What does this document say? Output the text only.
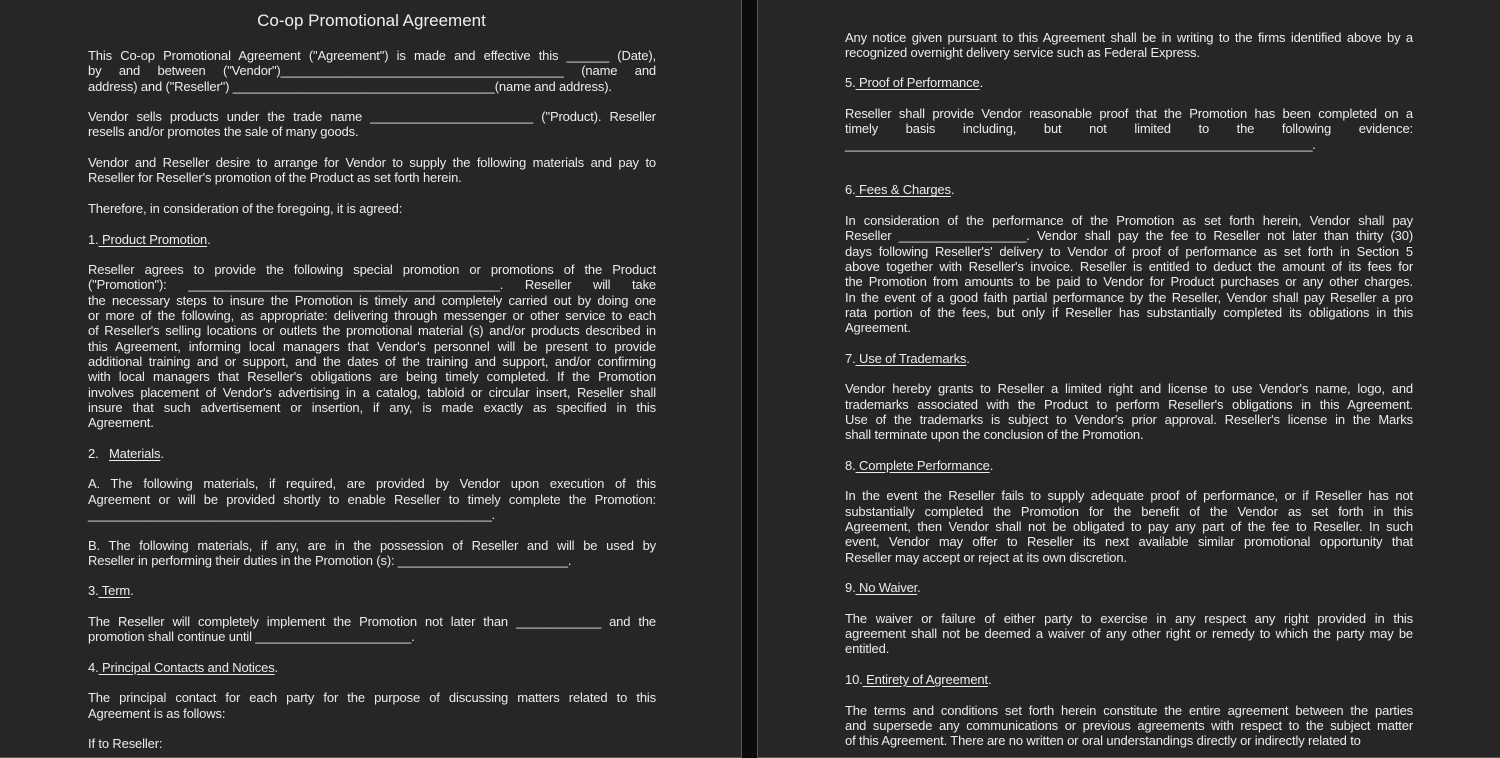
Co-op Promotional Agreement
This Co-op Promotional Agreement ("Agreement") is made and effective this ______ (Date),
by and between ("Vendor")________________________________________ (name and
address) and ("Reseller") _____________________________________(name and address).
Vendor sells products under the trade name _______________________ ("Product). Reseller
resells and/or promotes the sale of many goods.
Vendor and Reseller desire to arrange for Vendor to supply the following materials and pay to
Reseller for Reseller's promotion of the Product as set forth herein.
Therefore, in consideration of the foregoing, it is agreed:
1. Product Promotion.
Reseller agrees to provide the following special promotion or promotions of the Product
("Promotion"): ____________________________________________. Reseller will take
the necessary steps to insure the Promotion is timely and completely carried out by doing one
or more of the following, as appropriate: delivering through messenger or other service to each
of Reseller's selling locations or outlets the promotional material (s) and/or products described in
this Agreement, informing local managers that Vendor's personnel will be present to provide
additional training and or support, and the dates of the training and support, and/or confirming
with local managers that Reseller's obligations are being timely completed. If the Promotion
involves placement of Vendor's advertising in a catalog, tabloid or circular insert, Reseller shall
insure that such advertisement or insertion, if any, is made exactly as specified in this
Agreement.
2.   Materials.
A. The following materials, if required, are provided by Vendor upon execution of this
Agreement or will be provided shortly to enable Reseller to timely complete the Promotion:
_________________________________________________________.
B. The following materials, if any, are in the possession of Reseller and will be used by
Reseller in performing their duties in the Promotion (s): ________________________.
3. Term.
The Reseller will completely implement the Promotion not later than ____________ and the
promotion shall continue until ______________________.
4. Principal Contacts and Notices.
The principal contact for each party for the purpose of discussing matters related to this
Agreement is as follows:
If to Reseller:
Any notice given pursuant to this Agreement shall be in writing to the firms identified above by a
recognized overnight delivery service such as Federal Express.
5. Proof of Performance.
Reseller shall provide Vendor reasonable proof that the Promotion has been completed on a
timely basis including, but not limited to the following evidence:
__________________________________________________________________.
6. Fees & Charges.
In consideration of the performance of the Promotion as set forth herein, Vendor shall pay
Reseller __________________. Vendor shall pay the fee to Reseller not later than thirty (30)
days following Reseller's' delivery to Vendor of proof of performance as set forth in Section 5
above together with Reseller's invoice. Reseller is entitled to deduct the amount of its fees for
the Promotion from amounts to be paid to Vendor for Product purchases or any other charges.
In the event of a good faith partial performance by the Reseller, Vendor shall pay Reseller a pro
rata portion of the fees, but only if Reseller has substantially completed its obligations in this
Agreement.
7. Use of Trademarks.
Vendor hereby grants to Reseller a limited right and license to use Vendor's name, logo, and
trademarks associated with the Product to perform Reseller's obligations in this Agreement.
Use of the trademarks is subject to Vendor's prior approval. Reseller's license in the Marks
shall terminate upon the conclusion of the Promotion.
8. Complete Performance.
In the event the Reseller fails to supply adequate proof of performance, or if Reseller has not
substantially completed the Promotion for the benefit of the Vendor as set forth in this
Agreement, then Vendor shall not be obligated to pay any part of the fee to Reseller. In such
event, Vendor may offer to Reseller its next available similar promotional opportunity that
Reseller may accept or reject at its own discretion.
9. No Waiver.
The waiver or failure of either party to exercise in any respect any right provided in this
agreement shall not be deemed a waiver of any other right or remedy to which the party may be
entitled.
10. Entirety of Agreement.
The terms and conditions set forth herein constitute the entire agreement between the parties
and supersede any communications or previous agreements with respect to the subject matter
of this Agreement. There are no written or oral understandings directly or indirectly related to
